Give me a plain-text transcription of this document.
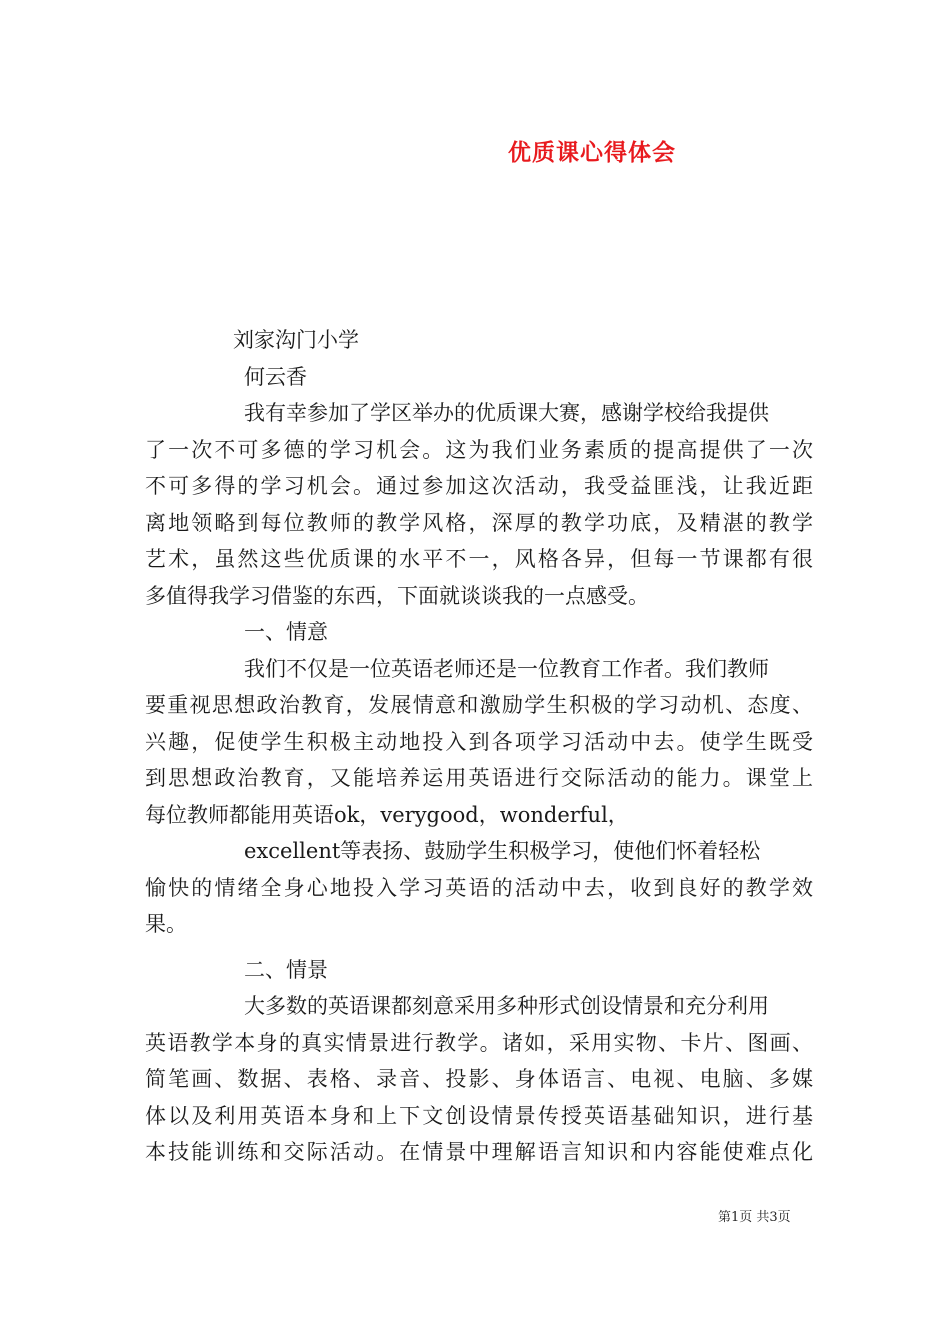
优质课心得体会
刘家沟门小学
何云香
我有幸参加了学区举办的优质课大赛，感谢学校给我提供
了一次不可多德的学习机会。这为我们业务素质的提高提供了一次
不可多得的学习机会。通过参加这次活动，我受益匪浅，让我近距
离地领略到每位教师的教学风格，深厚的教学功底，及精湛的教学
艺术，虽然这些优质课的水平不一，风格各异，但每一节课都有很
多值得我学习借鉴的东西，下面就谈谈我的一点感受。
一、情意
我们不仅是一位英语老师还是一位教育工作者。我们教师
要重视思想政治教育，发展情意和激励学生积极的学习动机、态度、
兴趣，促使学生积极主动地投入到各项学习活动中去。使学生既受
到思想政治教育，又能培养运用英语进行交际活动的能力。课堂上
每位教师都能用英语ok，verygood，wonderful，
excellent等表扬、鼓励学生积极学习，使他们怀着轻松
愉快的情绪全身心地投入学习英语的活动中去，收到良好的教学效
果。
二、情景
大多数的英语课都刻意采用多种形式创设情景和充分利用
英语教学本身的真实情景进行教学。诸如，采用实物、卡片、图画、
简笔画、数据、表格、录音、投影、身体语言、电视、电脑、多媒
体以及利用英语本身和上下文创设情景传授英语基础知识，进行基
本技能训练和交际活动。在情景中理解语言知识和内容能使难点化
第1页 共3页
